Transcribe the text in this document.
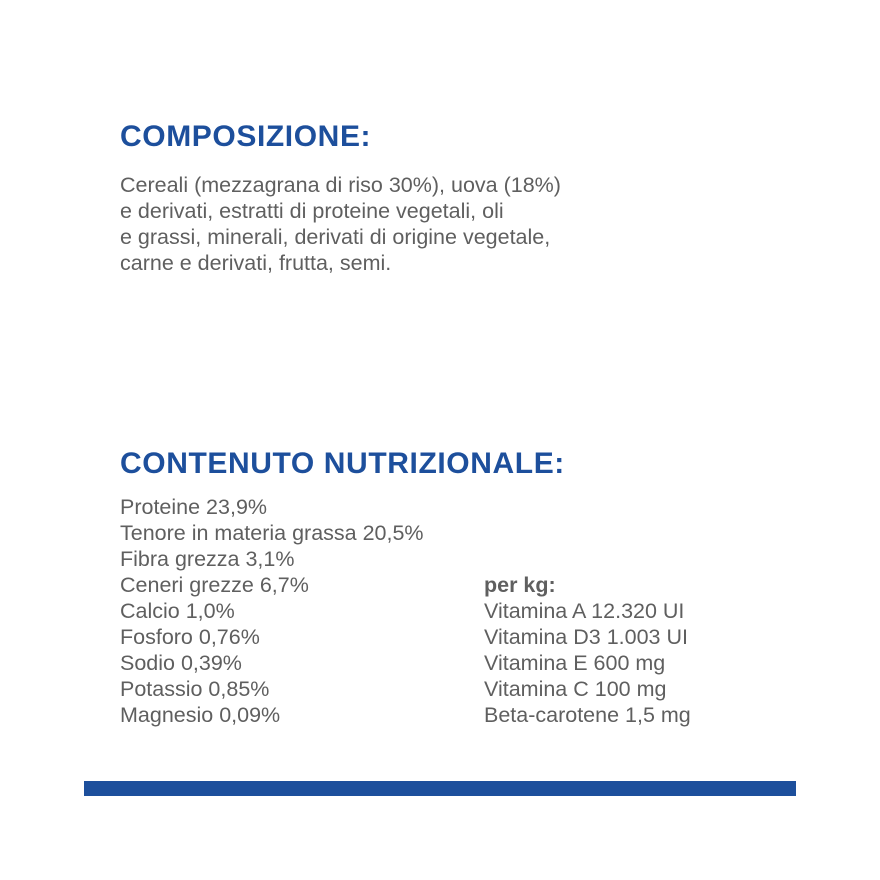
COMPOSIZIONE:
Cereali (mezzagrana di riso 30%), uova (18%)
e derivati, estratti di proteine vegetali, oli
e grassi, minerali, derivati di origine vegetale,
carne e derivati, frutta, semi.
CONTENUTO NUTRIZIONALE:
Proteine 23,9%
Tenore in materia grassa 20,5%
Fibra grezza 3,1%
Ceneri grezze 6,7%
Calcio 1,0%
Fosforo 0,76%
Sodio 0,39%
Potassio 0,85%
Magnesio 0,09%
per kg:
Vitamina A 12.320 UI
Vitamina D3 1.003 UI
Vitamina E 600 mg
Vitamina C 100 mg
Beta-carotene 1,5 mg
